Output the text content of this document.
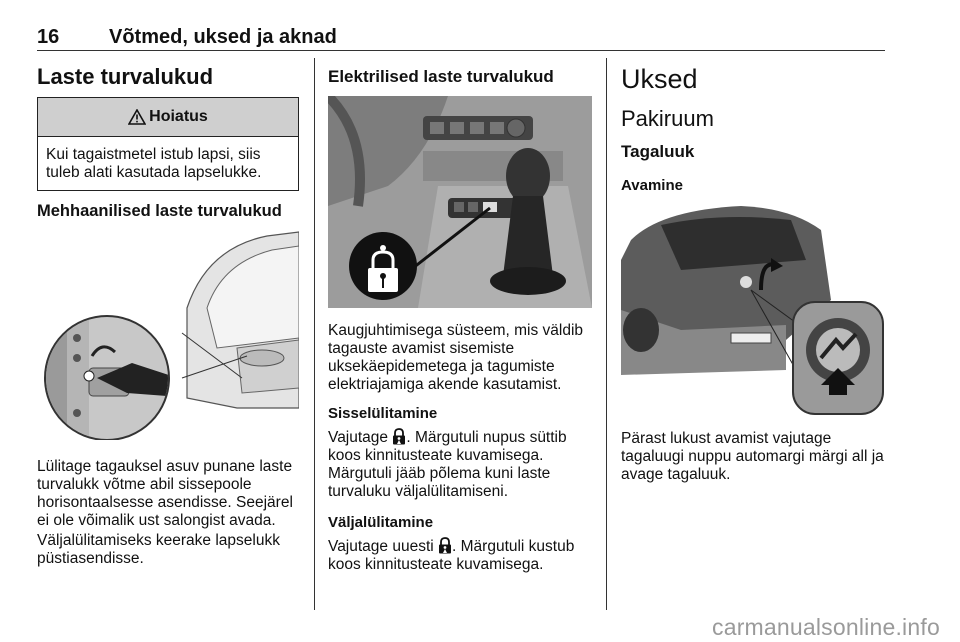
16 Võtmed, uksed ja aknad
Laste turvalukud
Hoiatus
Kui tagaistmetel istub lapsi, siis tuleb alati kasutada lapselukke.
Mehhaanilised laste turvalukud

Lülitage tagauksel asuv punane laste turvalukk võtme abil sissepoole horisontaalsesse asendisse. Seejärel ei ole võimalik ust salongist avada.

Väljalülitamiseks keerake lapselukk püstiasendisse.

Elektrilised laste turvalukud

Kaugjuhtimisega süsteem, mis väldib tagauste avamist sisemiste uksekäepidemetega ja tagumiste elektriajamiga akende kasutamist.

Sisselülitamine

Vajutage . Märgutuli nupus süttib koos kinnitusteate kuvamisega. Märgutuli jääb põlema kuni laste turvaluku väljalülitamiseni.

Väljalülitamine

Vajutage uuesti . Märgutuli kustub koos kinnitusteate kuvamisega.

Uksed
Pakiruum
Tagaluuk
Avamine

Pärast lukust avamist vajutage tagaluugi nuppu automargi märgi all ja avage tagaluuk.

carmanualsonline.info
